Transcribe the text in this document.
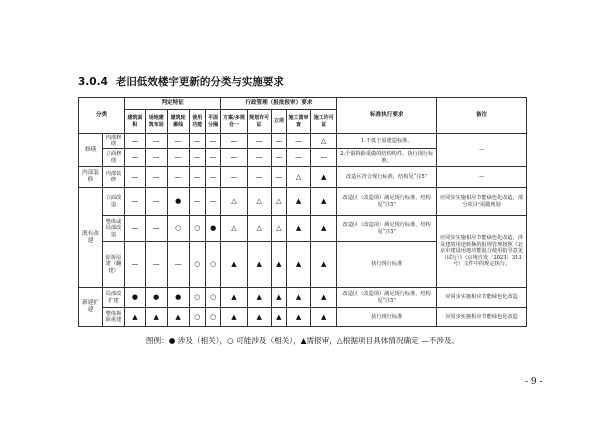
3.0.4 老旧低效楼宇更新的分类与实施要求
分类		判定特征					行政管理（报批报审）要求					标准执行要求	备注
		建筑面积	场地建筑布局	建筑轮廓线	使用功能	平面分隔	方案/多规合一	规划许可证	立项	施工图审查	施工许可证		
修缮	内部修缮	—	—	—	—	—	—	—	—	—	△	1.不低于原建造标准。	—
	立面修缮	—	—	—	—	—	—	—	—	—	—	2.个别拆除重做的结构构件，执行现行标准。	
内部装修	内部装修	—	—	—	—	—	—	—	—	△	▲	改造区符合现行标准，结构见“注5”	—
既有改建	立面改造	—	—	●	—	—	△	△	△	▲	▲	改造区（改造项）满足现行标准，结构见“注5”	应同步实施相应节能绿色化改造，部分项目¹需做规划
	整体或局部改造	—	—	○	○	●	△	△	△	▲	▲	改造区（改造项）满足现行标准，结构见“注5”	应同步实施相应节能绿色化改造，涉及建筑用途转换的报规管理按照《北京市建设用地功能混合使用指导意见（试行）》（京规自发〔2023〕313号）文件中的规定执行。
	原拆原建（翻建）	—	—	—	○	○	▲	▲	▲	▲	▲	执行现行标准	
新建扩建	局部改扩建	●	●	●	○	○	▲	▲	▲	▲	▲	改造区（改造项）满足现行标准，结构见“注5”	应同步实施相应节能绿色化改造
	整体拆除重建	▲	▲	▲	○	○	▲	▲	▲	▲	▲	执行现行标准	应同步实施相应节能绿色化改造
图例：● 涉及（相关），○ 可能涉及（相关），▲需报审，△根据项目具体情况确定 —不涉及。
- 9 -
